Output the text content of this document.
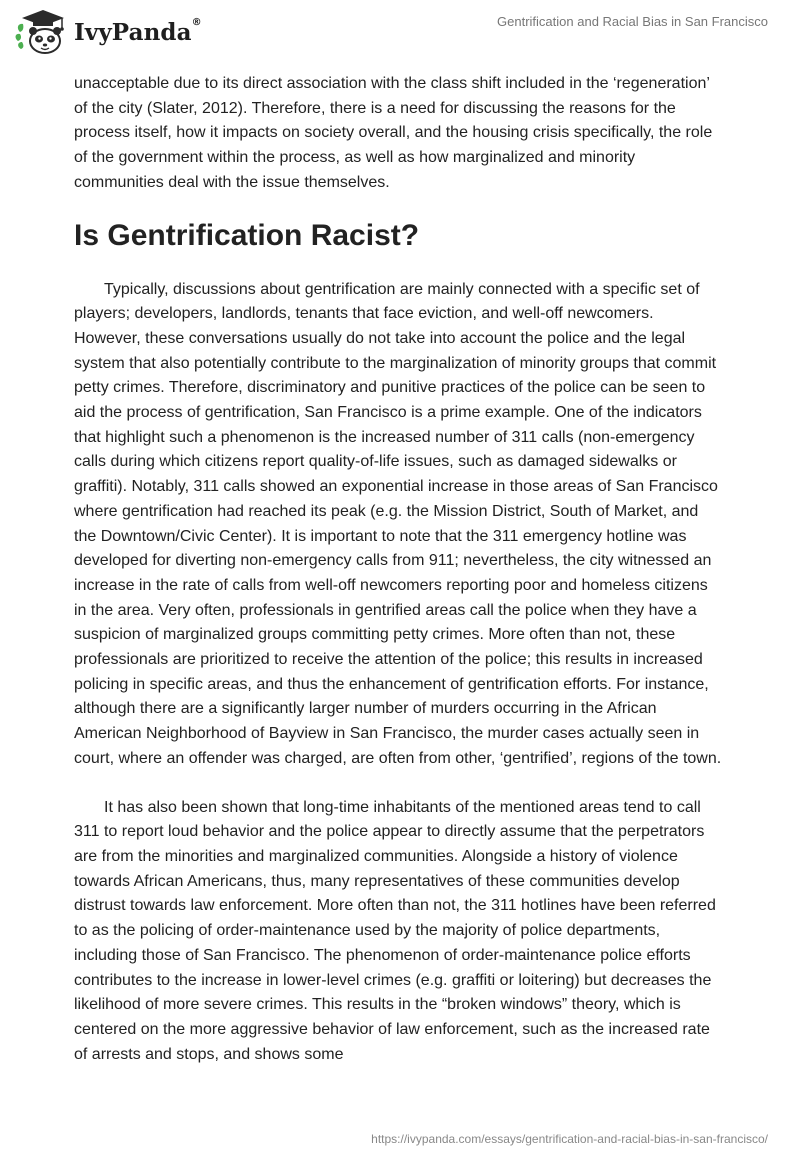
IvyPanda®	Gentrification and Racial Bias in San Francisco

unacceptable due to its direct association with the class shift included in the ‘regeneration’ of the city (Slater, 2012). Therefore, there is a need for discussing the reasons for the process itself, how it impacts on society overall, and the housing crisis specifically, the role of the government within the process, as well as how marginalized and minority communities deal with the issue themselves.

Is Gentrification Racist?

Typically, discussions about gentrification are mainly connected with a specific set of players; developers, landlords, tenants that face eviction, and well-off newcomers. However, these conversations usually do not take into account the police and the legal system that also potentially contribute to the marginalization of minority groups that commit petty crimes. Therefore, discriminatory and punitive practices of the police can be seen to aid the process of gentrification, San Francisco is a prime example. One of the indicators that highlight such a phenomenon is the increased number of 311 calls (non-emergency calls during which citizens report quality-of-life issues, such as damaged sidewalks or graffiti). Notably, 311 calls showed an exponential increase in those areas of San Francisco where gentrification had reached its peak (e.g. the Mission District, South of Market, and the Downtown/Civic Center). It is important to note that the 311 emergency hotline was developed for diverting non-emergency calls from 911; nevertheless, the city witnessed an increase in the rate of calls from well-off newcomers reporting poor and homeless citizens in the area. Very often, professionals in gentrified areas call the police when they have a suspicion of marginalized groups committing petty crimes. More often than not, these professionals are prioritized to receive the attention of the police; this results in increased policing in specific areas, and thus the enhancement of gentrification efforts. For instance, although there are a significantly larger number of murders occurring in the African American Neighborhood of Bayview in San Francisco, the murder cases actually seen in court, where an offender was charged, are often from other, ‘gentrified’, regions of the town.

It has also been shown that long-time inhabitants of the mentioned areas tend to call 311 to report loud behavior and the police appear to directly assume that the perpetrators are from the minorities and marginalized communities. Alongside a history of violence towards African Americans, thus, many representatives of these communities develop distrust towards law enforcement. More often than not, the 311 hotlines have been referred to as the policing of order-maintenance used by the majority of police departments, including those of San Francisco. The phenomenon of order-maintenance police efforts contributes to the increase in lower-level crimes (e.g. graffiti or loitering) but decreases the likelihood of more severe crimes. This results in the “broken windows” theory, which is centered on the more aggressive behavior of law enforcement, such as the increased rate of arrests and stops, and shows some

https://ivypanda.com/essays/gentrification-and-racial-bias-in-san-francisco/
